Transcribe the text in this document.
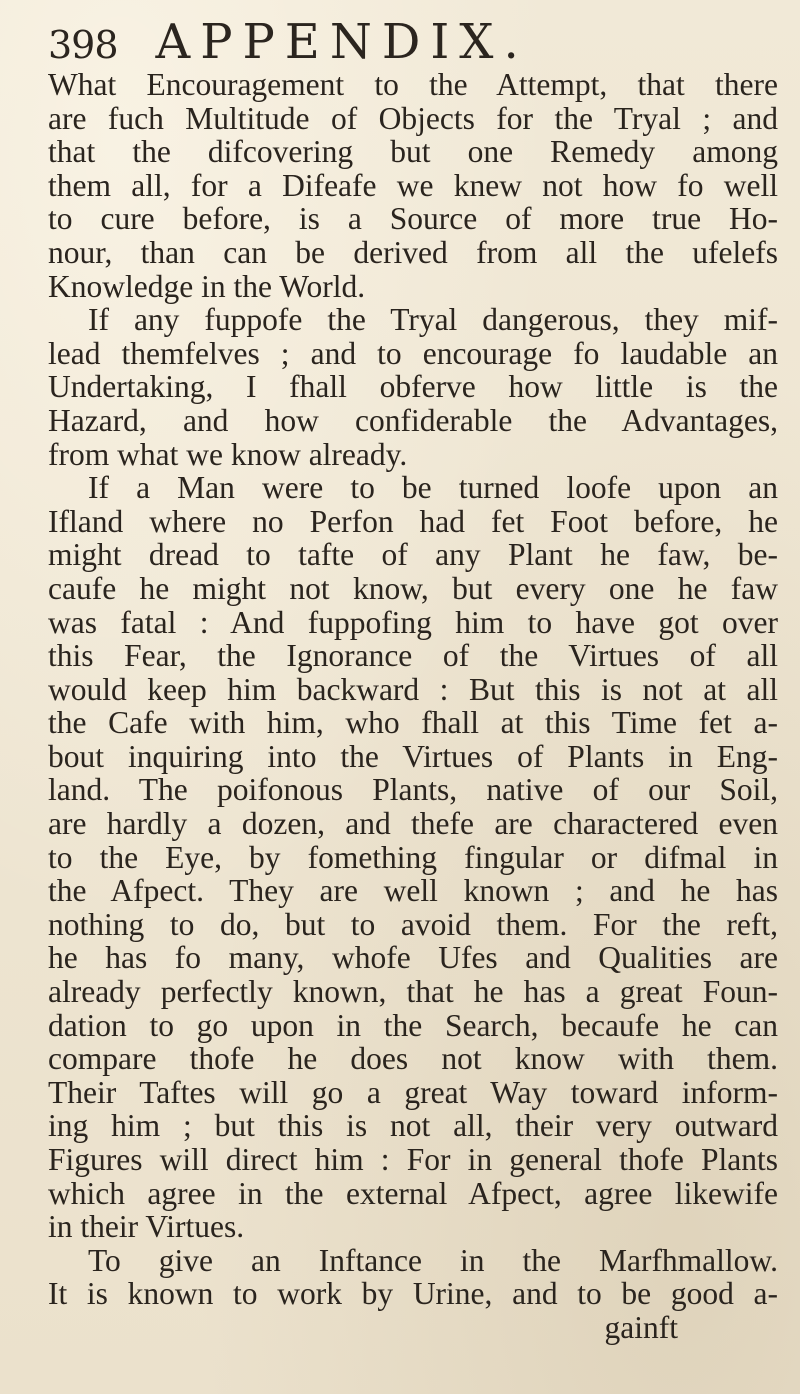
398 APPENDIX.
What Encouragement to the Attempt, that there
are fuch Multitude of Objects for the Tryal ; and
that the difcovering but one Remedy among
them all, for a Difeafe we knew not how fo well
to cure before, is a Source of more true Ho-
nour, than can be derived from all the ufelefs
Knowledge in the World.
If any fuppofe the Tryal dangerous, they mif-
lead themfelves ; and to encourage fo laudable an
Undertaking, I fhall obferve how little is the
Hazard, and how confiderable the Advantages,
from what we know already.
If a Man were to be turned loofe upon an
Ifland where no Perfon had fet Foot before, he
might dread to tafte of any Plant he faw, be-
caufe he might not know, but every one he faw
was fatal : And fuppofing him to have got over
this Fear, the Ignorance of the Virtues of all
would keep him backward : But this is not at all
the Cafe with him, who fhall at this Time fet a-
bout inquiring into the Virtues of Plants in Eng-
land. The poifonous Plants, native of our Soil,
are hardly a dozen, and thefe are charactered even
to the Eye, by fomething fingular or difmal in
the Afpect. They are well known ; and he has
nothing to do, but to avoid them. For the reft,
he has fo many, whofe Ufes and Qualities are
already perfectly known, that he has a great Foun-
dation to go upon in the Search, becaufe he can
compare thofe he does not know with them.
Their Taftes will go a great Way toward inform-
ing him ; but this is not all, their very outward
Figures will direct him : For in general thofe Plants
which agree in the external Afpect, agree likewife
in their Virtues.
To give an Inftance in the Marfhmallow.
It is known to work by Urine, and to be good a-
gainft
